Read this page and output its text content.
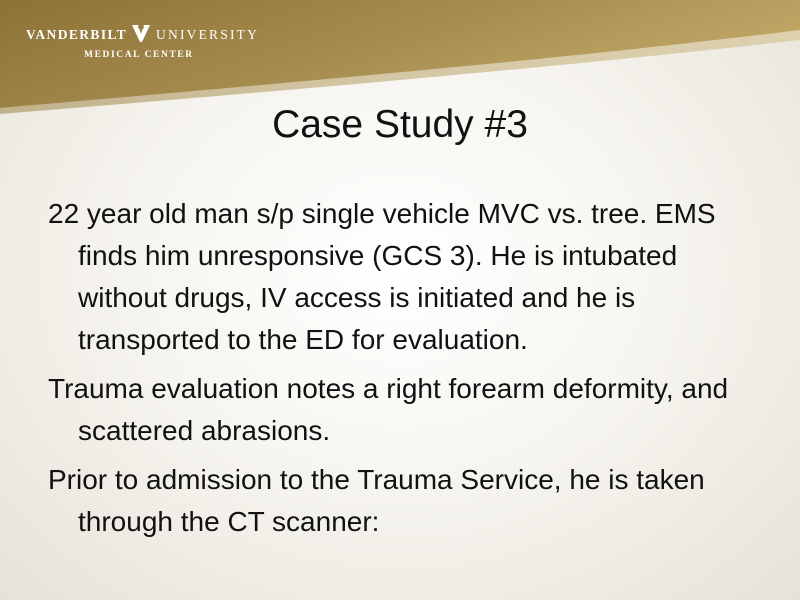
VANDERBILT UNIVERSITY
MEDICAL CENTER
Case Study #3
22 year old man s/p single vehicle MVC vs. tree. EMS finds him unresponsive (GCS 3). He is intubated without drugs, IV access is initiated and he is transported to the ED for evaluation.
Trauma evaluation notes a right forearm deformity, and scattered abrasions.
Prior to admission to the Trauma Service, he is taken through the CT scanner:
